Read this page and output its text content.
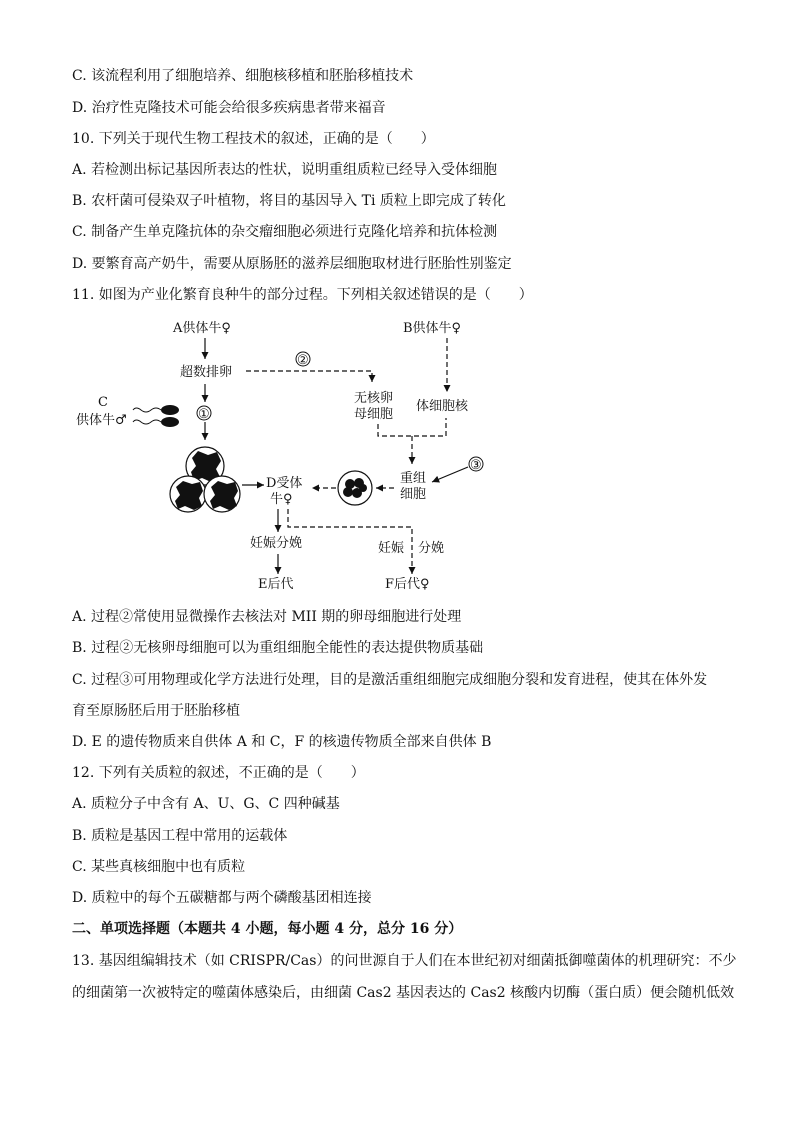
C. 该流程利用了细胞培养、细胞核移植和胚胎移植技术
D. 治疗性克隆技术可能会给很多疾病患者带来福音
10. 下列关于现代生物工程技术的叙述，正确的是（　　）
A. 若检测出标记基因所表达的性状，说明重组质粒已经导入受体细胞
B. 农杆菌可侵染双子叶植物，将目的基因导入 Ti 质粒上即完成了转化
C. 制备产生单克隆抗体的杂交瘤细胞必须进行克隆化培养和抗体检测
D. 要繁育高产奶牛，需要从原肠胚的滋养层细胞取材进行胚胎性别鉴定
11. 如图为产业化繁育良种牛的部分过程。下列相关叙述错误的是（　　）
A供体牛♀	B供体牛♀
超数排卵
C
供体牛♂
无核卵
母细胞
体细胞核
重组
细胞
D受体
牛♀
妊娠分娩	妊娠 分娩
E后代	F后代♀
①
②
③
A. 过程②常使用显微操作去核法对 MII 期的卵母细胞进行处理
B. 过程②无核卵母细胞可以为重组细胞全能性的表达提供物质基础
C. 过程③可用物理或化学方法进行处理，目的是激活重组细胞完成细胞分裂和发育进程，使其在体外发
育至原肠胚后用于胚胎移植
D. E 的遗传物质来自供体 A 和 C，F 的核遗传物质全部来自供体 B
12. 下列有关质粒的叙述，不正确的是（　　）
A. 质粒分子中含有 A、U、G、C 四种碱基
B. 质粒是基因工程中常用的运载体
C. 某些真核细胞中也有质粒
D. 质粒中的每个五碳糖都与两个磷酸基团相连接
二、单项选择题（本题共 4 小题，每小题 4 分，总分 16 分）
13. 基因组编辑技术（如 CRISPR/Cas）的问世源自于人们在本世纪初对细菌抵御噬菌体的机理研究：不少
的细菌第一次被特定的噬菌体感染后，由细菌 Cas2 基因表达的 Cas2 核酸内切酶（蛋白质）便会随机低效
